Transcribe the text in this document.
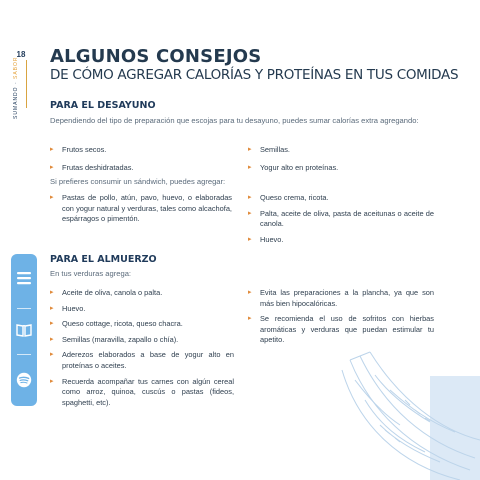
18
SUMANDO · SABOR ALGUNOS CONSEJOS
DE CÓMO AGREGAR CALORÍAS Y PROTEÍNAS EN TUS COMIDAS
PARA EL DESAYUNO
Dependiendo del tipo de preparación que escojas para tu desayuno, puedes sumar calorías extra agregando:
▸ Frutos secos.
▸ Frutas deshidratadas.
▸ Semillas.
▸ Yogur alto en proteínas.
Si prefieres consumir un sándwich, puedes agregar:
▸ Pastas de pollo, atún, pavo, huevo, o elaboradas con yogur natural y verduras, tales como alcachofa, espárragos o pimentón.
▸ Queso crema, ricota.
▸ Palta, aceite de oliva, pasta de aceitunas o aceite de canola.
▸ Huevo.
PARA EL ALMUERZO
En tus verduras agrega:
▸ Aceite de oliva, canola o palta.
▸ Huevo.
▸ Queso cottage, ricota, queso chacra.
▸ Semillas (maravilla, zapallo o chía).
▸ Aderezos elaborados a base de yogur alto en proteínas o aceites.
▸ Recuerda acompañar tus carnes con algún cereal como arroz, quinoa, cuscús o pastas (fideos, spaghetti, etc).
▸ Evita las preparaciones a la plancha, ya que son más bien hipocalóricas.
▸ Se recomienda el uso de sofritos con hierbas aromáticas y verduras que puedan estimular tu apetito.
